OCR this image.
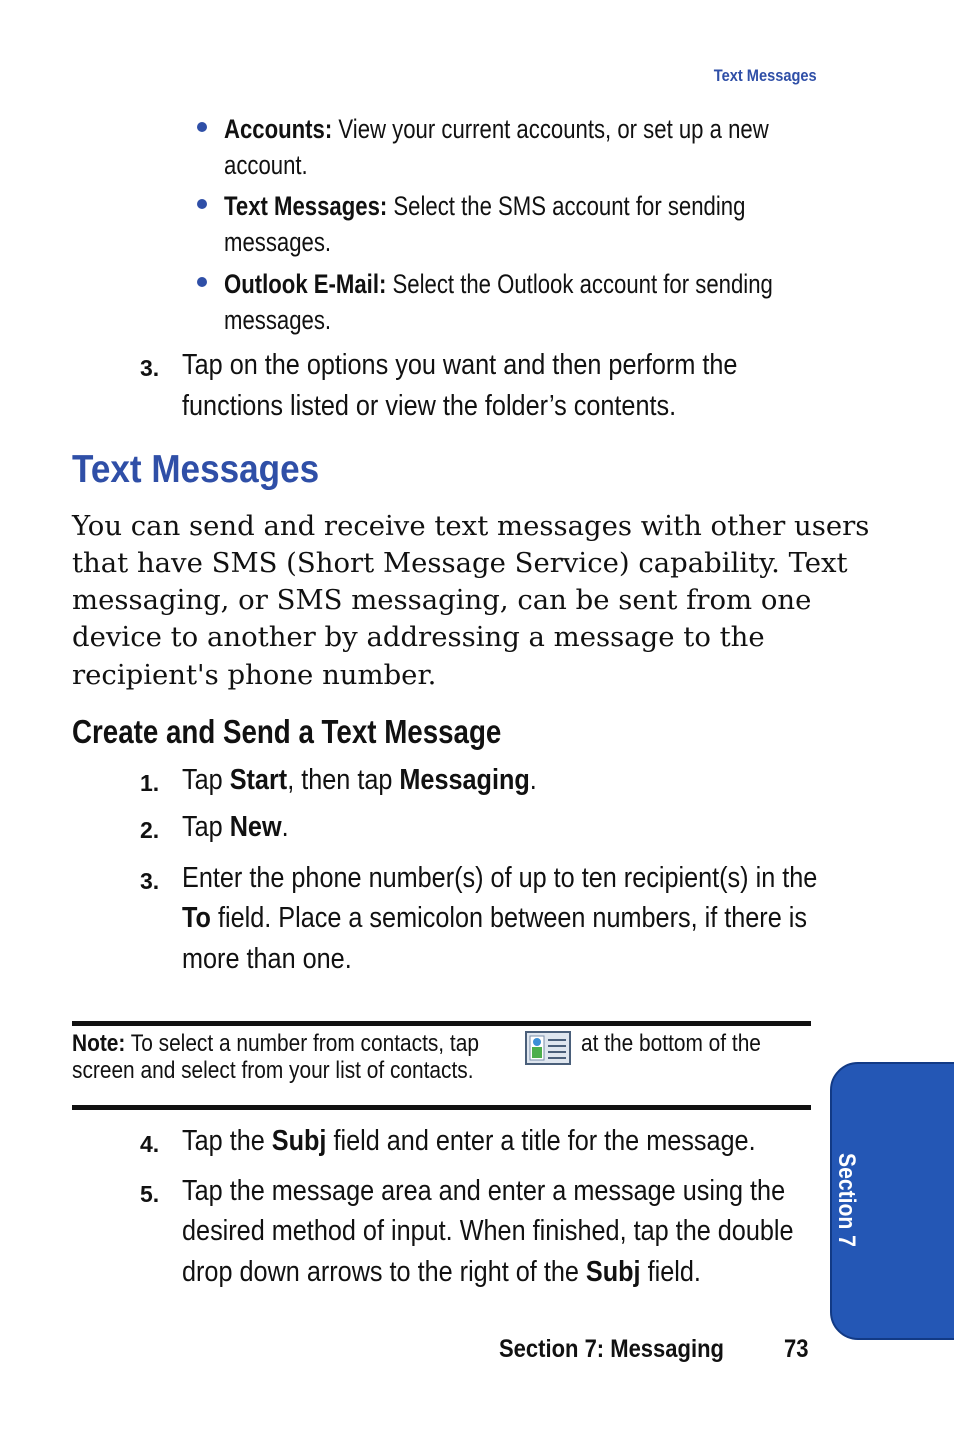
Text Messages
Accounts: View your current accounts, or set up a new
account.
Text Messages: Select the SMS account for sending
messages.
Outlook E-Mail: Select the Outlook account for sending
messages.
3. Tap on the options you want and then perform the
functions listed or view the folder’s contents.
Text Messages
You can send and receive text messages with other users
that have SMS (Short Message Service) capability. Text
messaging, or SMS messaging, can be sent from one
device to another by addressing a message to the
recipient's phone number.
Create and Send a Text Message
1. Tap Start, then tap Messaging.
2. Tap New.
3. Enter the phone number(s) of up to ten recipient(s) in the
To field. Place a semicolon between numbers, if there is
more than one.
Note: To select a number from contacts, tap	at the bottom of the
screen and select from your list of contacts.
4. Tap the Subj field and enter a title for the message.
5. Tap the message area and enter a message using the
desired method of input. When finished, tap the double
drop down arrows to the right of the Subj field.
Section 7
Section 7: Messaging 73
